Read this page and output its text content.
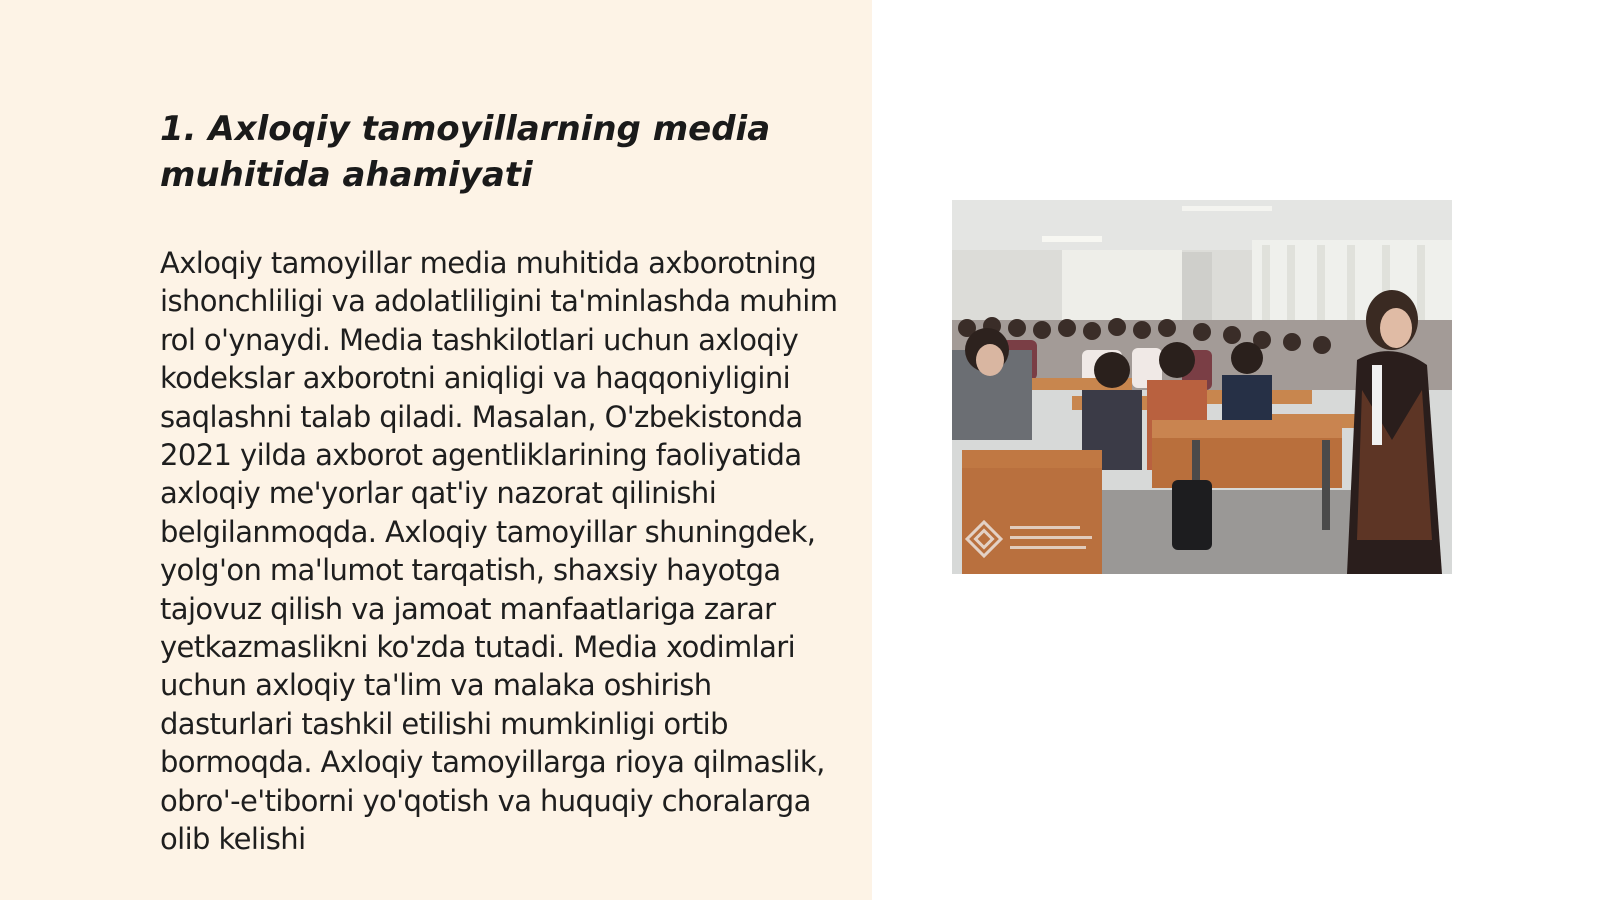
1. Axloqiy tamoyillarning media muhitida ahamiyati

Axloqiy tamoyillar media muhitida axborotning ishonchliligi va adolatliligini ta'minlashda muhim rol o'ynaydi. Media tashkilotlari uchun axloqiy kodekslar axborotni aniqligi va haqqoniyligini saqlashni talab qiladi. Masalan, O'zbekistonda 2021 yilda axborot agentliklarining faoliyatida axloqiy me'yorlar qat'iy nazorat qilinishi belgilanmoqda. Axloqiy tamoyillar shuningdek, yolg'on ma'lumot tarqatish, shaxsiy hayotga tajovuz qilish va jamoat manfaatlariga zarar yetkazmaslikni ko'zda tutadi. Media xodimlari uchun axloqiy ta'lim va malaka oshirish dasturlari tashkil etilishi mumkinligi ortib bormoqda. Axloqiy tamoyillarga rioya qilmaslik, obro'-e'tiborni yo'qotish va huquqiy choralarga olib kelishi
